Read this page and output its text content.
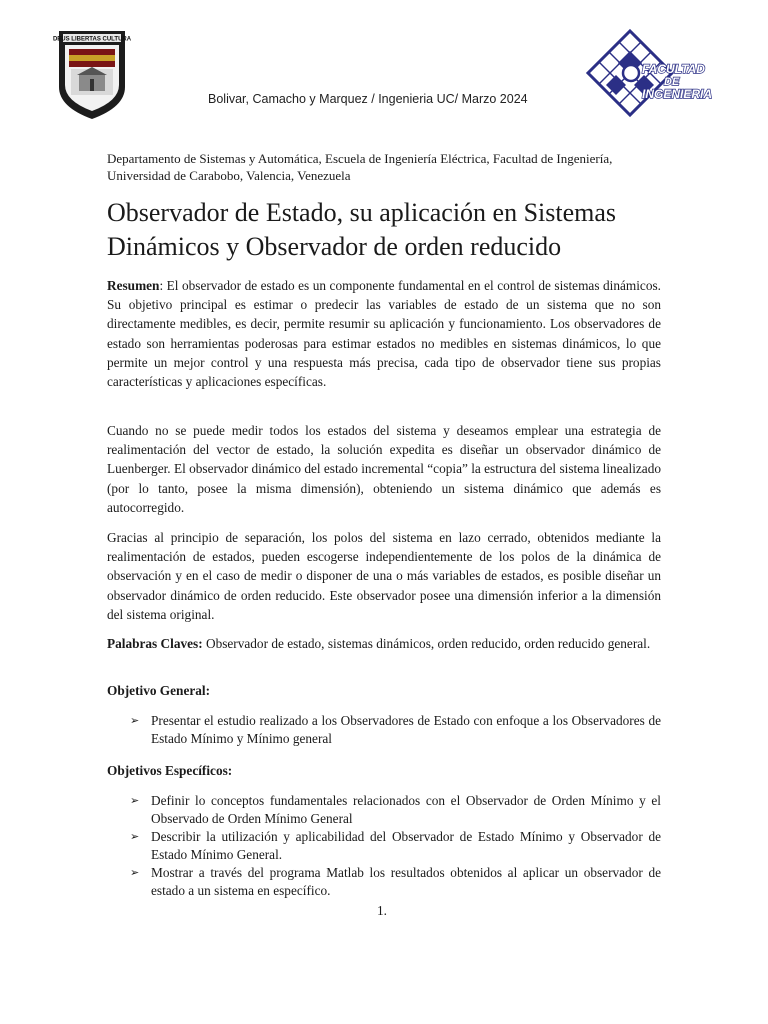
DEUS LIBERTAS CULTURA
Bolivar, Camacho y Marquez / Ingenieria UC/ Marzo 2024
FACULTAD
DE
INGENIERIA
Departamento de Sistemas y Automática, Escuela de Ingeniería Eléctrica, Facultad de Ingeniería, Universidad de Carabobo, Valencia, Venezuela
Observador de Estado, su aplicación en Sistemas Dinámicos y Observador de orden reducido

Resumen: El observador de estado es un componente fundamental en el control de sistemas dinámicos. Su objetivo principal es estimar o predecir las variables de estado de un sistema que no son directamente medibles, es decir, permite resumir su aplicación y funcionamiento. Los observadores de estado son herramientas poderosas para estimar estados no medibles en sistemas dinámicos, lo que permite un mejor control y una respuesta más precisa, cada tipo de observador tiene sus propias características y aplicaciones específicas.

Cuando no se puede medir todos los estados del sistema y deseamos emplear una estrategia de realimentación del vector de estado, la solución expedita es diseñar un observador dinámico de Luenberger. El observador dinámico del estado incremental “copia” la estructura del sistema linealizado (por lo tanto, posee la misma dimensión), obteniendo un sistema dinámico que además es autocorregido.

Gracias al principio de separación, los polos del sistema en lazo cerrado, obtenidos mediante la realimentación de estados, pueden escogerse independientemente de los polos de la dinámica de observación y en el caso de medir o disponer de una o más variables de estados, es posible diseñar un observador dinámico de orden reducido. Este observador posee una dimensión inferior a la dimensión del sistema original.

Palabras Claves: Observador de estado, sistemas dinámicos, orden reducido, orden reducido general.

Objetivo General:
➢ Presentar el estudio realizado a los Observadores de Estado con enfoque a los Observadores de Estado Mínimo y Mínimo general
Objetivos Específicos:
➢ Definir lo conceptos fundamentales relacionados con el Observador de Orden Mínimo y el Observado de Orden Mínimo General
➢ Describir la utilización y aplicabilidad del Observador de Estado Mínimo y Observador de Estado Mínimo General.
➢ Mostrar a través del programa Matlab los resultados obtenidos al aplicar un observador de estado a un sistema en específico.
1.
